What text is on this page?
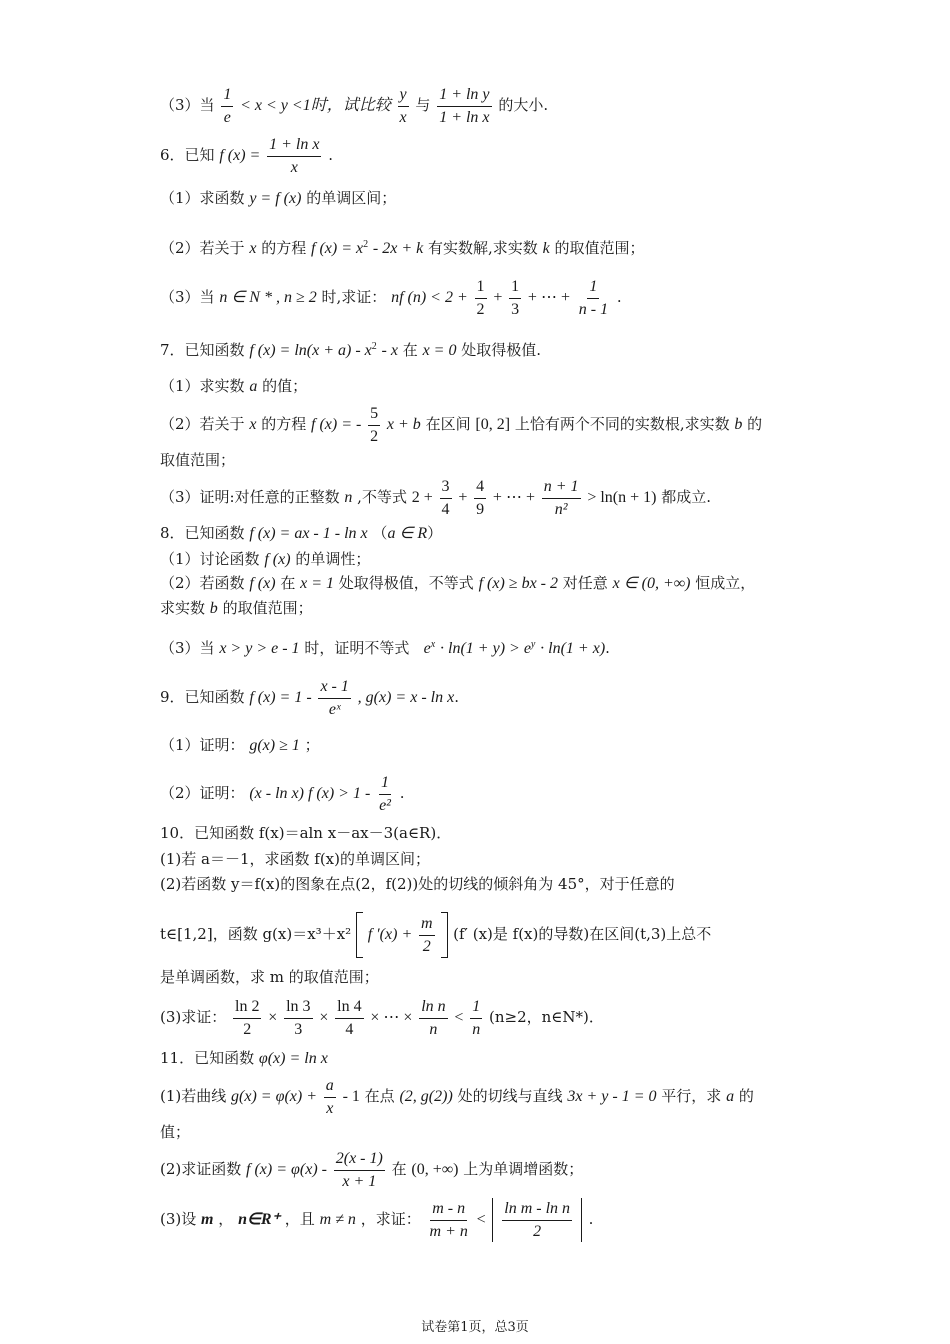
（3）当 $\frac{1}{e} < x < y <1$时，试比较 $\frac{y}{x}$ 与 $\frac{\text{1 + ln y}}{\text{1 + ln x}}$ 的大小.
6．已知 f $(x) = \frac{\text{1 + ln x}}{x}$ .
（1）求函数 y = f (x) 的单调区间；
（2）若关于 x 的方程 f $(x) = x^2 - 2x + k$ 有实数解,求实数 k 的取值范围；
（3）当 n ∈ N * , n ≥ 2 时,求证： nf $(n) < 2 + \frac{1}{2} + \frac{1}{3}$ + ⋯ + $\frac{1}{n - 1}$ .
7．已知函数 f $(x) = \ln(x + a) - x^2 - x$ 在 x = 0 处取得极值.
（1）求实数 a 的值；
（2）若关于 x 的方程 f (x) = - $\frac{5}{2}$ x + b 在区间 [0, 2] 上恰有两个不同的实数根,求实数 b 的
取值范围；
（3）证明:对任意的正整数 n ,不等式 $2 + \frac{3}{4} + \frac{4}{9}$ + ⋯ + $\frac{n + 1}{\text{n²}} > \ln(n + 1)$ 都成立.
8．已知函数 f (x) = ax - 1 - ln x （a ∈ R）
（1）讨论函数 f (x) 的单调性；
（2）若函数 f (x) 在 x = 1 处取得极值，不等式 f (x) ≥ bx - 2 对任意 x ∈ (0, +∞) 恒成立，
求实数 b 的取值范围；
（3）当 x > y > e - 1 时，证明不等式 $e^x \cdot \ln(1 + y) > e^y \cdot \ln(1 + x)$.
9．已知函数 f $(x) = 1 - \frac{x - 1}{\text{eˣ}}$ , g(x) = x - ln x.
（1）证明： g(x) ≥ 1 ；
（2）证明： (x - ln x) f $(x) > 1 - \frac{1}{\text{e²}}$ .
10．已知函数 f(x)＝aln x－ax－3(a∈R)．
(1)若 a＝－1，求函数 f(x)的单调区间；
(2)若函数 y＝f(x)的图象在点(2，f(2))处的切线的倾斜角为 45°，对于任意的
t∈[1,2]，函数 g(x)＝x³＋x² f $'(x) + \frac{m}{2} (f'$ (x)是 f(x)的导数)在区间(t,3)上总不
是单调函数，求 m 的取值范围；
(3)求证： $\frac{\ln 2}{2} \times \frac{\ln 3}{3} \times \frac{\ln 4}{4}$ × ⋯ × $\frac{\text{ln n}}{n} < \frac{1}{n} (n\ge 2$，n∈N*)．
11．已知函数 φ(x) = ln x
(1)若曲线 $g(x) = \varphi(x) + \frac{a}{x} - 1$ 在点 (2, g(2)) 处的切线与直线 3x + y - 1 = 0 平行，求 a 的
值；
(2)求证函数 f $(x) = \varphi(x) - \frac{2(x - 1)}{x + 1}$ 在 (0, +∞) 上为单调增函数；
(3)设 m ， n∈R⁺ ，且 m ≠ n ，求证： $\frac{m - n}{m + n} < \frac{\text{ln m - ln n}}{2}$ .
试卷第1页，总3页
